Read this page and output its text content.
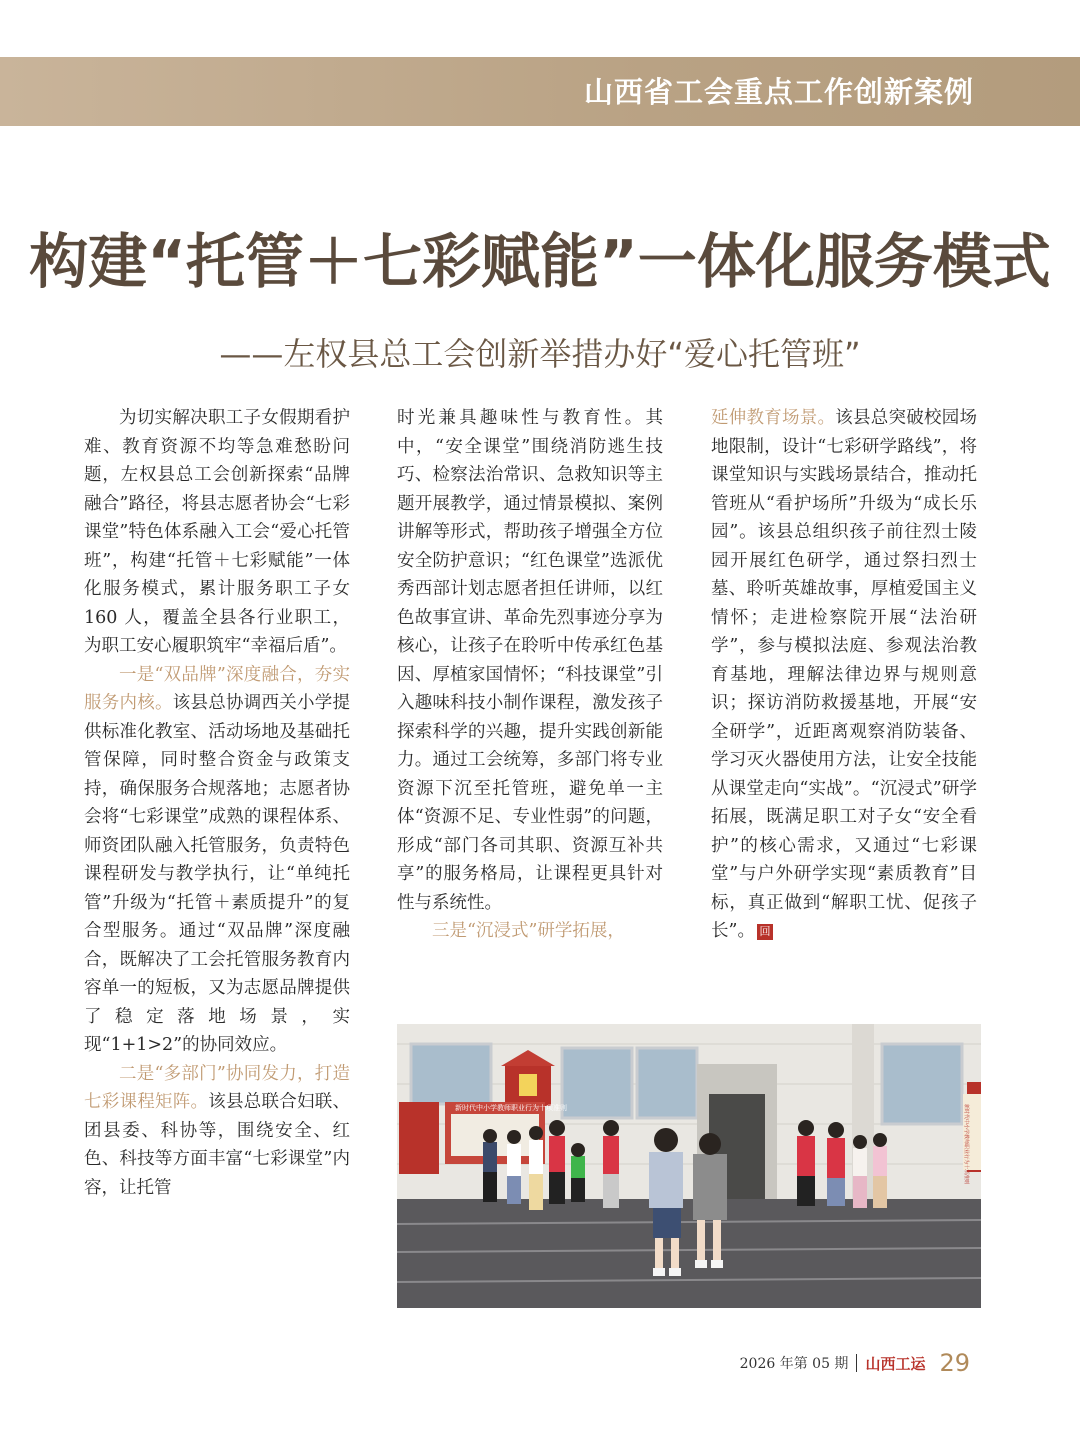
山西省工会重点工作创新案例
构建“托管＋七彩赋能”一体化服务模式
——左权县总工会创新举措办好“爱心托管班”

为切实解决职工子女假期看护难、教育资源不均等急难愁盼问题，左权县总工会创新探索“品牌融合”路径，将县志愿者协会“七彩课堂”特色体系融入工会“爱心托管班”，构建“托管＋七彩赋能”一体化服务模式，累计服务职工子女 160 人，覆盖全县各行业职工，为职工安心履职筑牢“幸福后盾”。

一是“双品牌”深度融合，夯实服务内核。该县总协调西关小学提供标准化教室、活动场地及基础托管保障，同时整合资金与政策支持，确保服务合规落地；志愿者协会将“七彩课堂”成熟的课程体系、师资团队融入托管服务，负责特色课程研发与教学执行，让“单纯托管”升级为“托管＋素质提升”的复合型服务。通过“双品牌”深度融合，既解决了工会托管服务教育内容单一的短板，又为志愿品牌提供了稳定落地场景，实现“1+1>2”的协同效应。

二是“多部门”协同发力，打造七彩课程矩阵。该县总联合妇联、团县委、科协等，围绕安全、红色、科技等方面丰富“七彩课堂”内容，让托管

时光兼具趣味性与教育性。其中，“安全课堂”围绕消防逃生技巧、检察法治常识、急救知识等主题开展教学，通过情景模拟、案例讲解等形式，帮助孩子增强全方位安全防护意识；“红色课堂”选派优秀西部计划志愿者担任讲师，以红色故事宣讲、革命先烈事迹分享为核心，让孩子在聆听中传承红色基因、厚植家国情怀；“科技课堂”引入趣味科技小制作课程，激发孩子探索科学的兴趣，提升实践创新能力。通过工会统筹，多部门将专业资源下沉至托管班，避免单一主体“资源不足、专业性弱”的问题，形成“部门各司其职、资源互补共享”的服务格局，让课程更具针对性与系统性。

三是“沉浸式”研学拓展，

延伸教育场景。该县总突破校园场地限制，设计“七彩研学路线”，将课堂知识与实践场景结合，推动托管班从“看护场所”升级为“成长乐园”。该县总组织孩子前往烈士陵园开展红色研学，通过祭扫烈士墓、聆听英雄故事，厚植爱国主义情怀；走进检察院开展“法治研学”，参与模拟法庭、参观法治教育基地，理解法律边界与规则意识；探访消防救援基地，开展“安全研学”，近距离观察消防装备、学习灭火器使用方法，让安全技能从课堂走向“实战”。“沉浸式”研学拓展，既满足职工对子女“安全看护”的核心需求，又通过“七彩课堂”与户外研学实现“素质教育”目标，真正做到“解职工忧、促孩子长”。 回

新时代中小学教师职业行为十项准则	新时代中小学教师职业行为十项准则
2026 年第 05 期 山西工运 29
